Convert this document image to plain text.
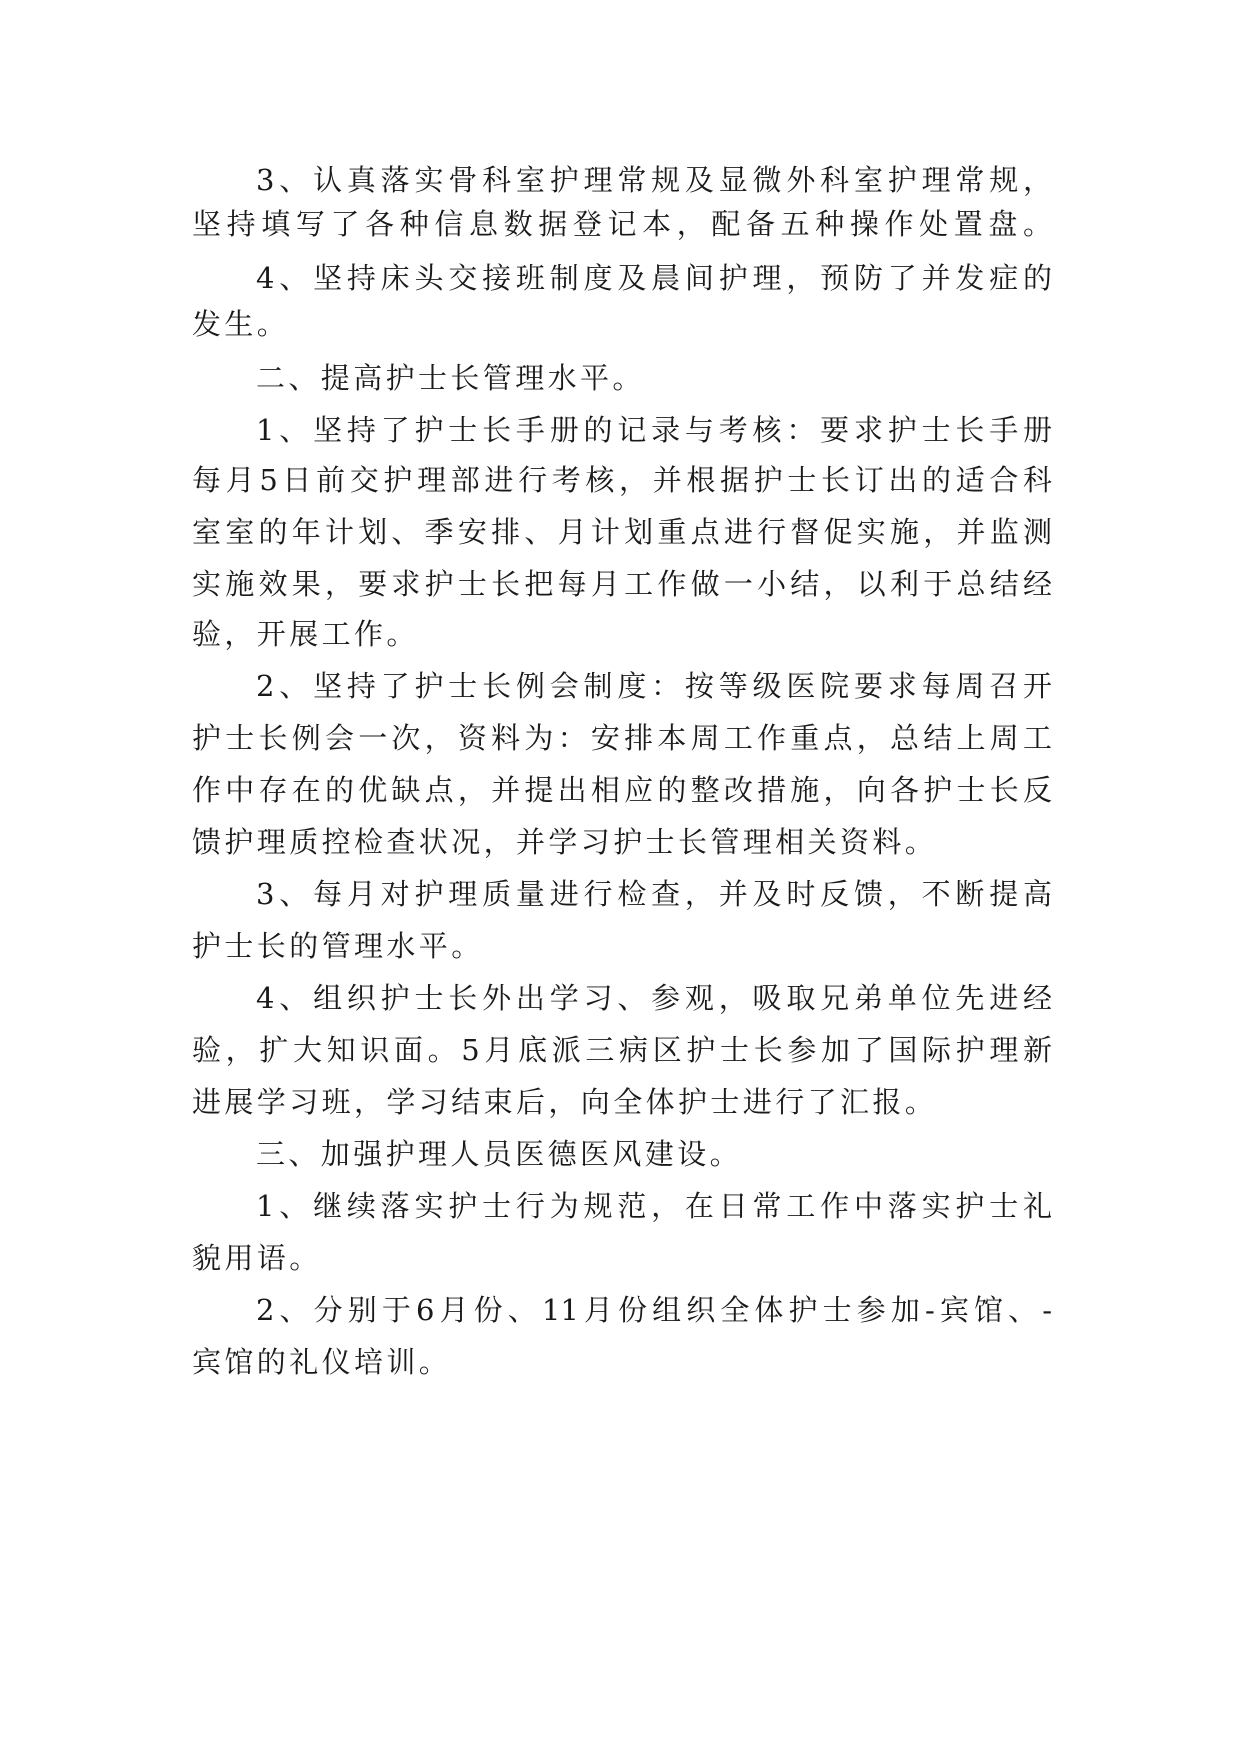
3、认真落实骨科室护理常规及显微外科室护理常规，
坚持填写了各种信息数据登记本，配备五种操作处置盘。
4、坚持床头交接班制度及晨间护理，预防了并发症的
发生。
二、提高护士长管理水平。
1、坚持了护士长手册的记录与考核：要求护士长手册
每月5日前交护理部进行考核，并根据护士长订出的适合科
室室的年计划、季安排、月计划重点进行督促实施，并监测
实施效果，要求护士长把每月工作做一小结，以利于总结经
验，开展工作。
2、坚持了护士长例会制度：按等级医院要求每周召开
护士长例会一次，资料为：安排本周工作重点，总结上周工
作中存在的优缺点，并提出相应的整改措施，向各护士长反
馈护理质控检查状况，并学习护士长管理相关资料。
3、每月对护理质量进行检查，并及时反馈，不断提高
护士长的管理水平。
4、组织护士长外出学习、参观，吸取兄弟单位先进经
验，扩大知识面。5月底派三病区护士长参加了国际护理新
进展学习班，学习结束后，向全体护士进行了汇报。
三、加强护理人员医德医风建设。
1、继续落实护士行为规范，在日常工作中落实护士礼
貌用语。
2、分别于6月份、11月份组织全体护士参加-宾馆、-
宾馆的礼仪培训。
